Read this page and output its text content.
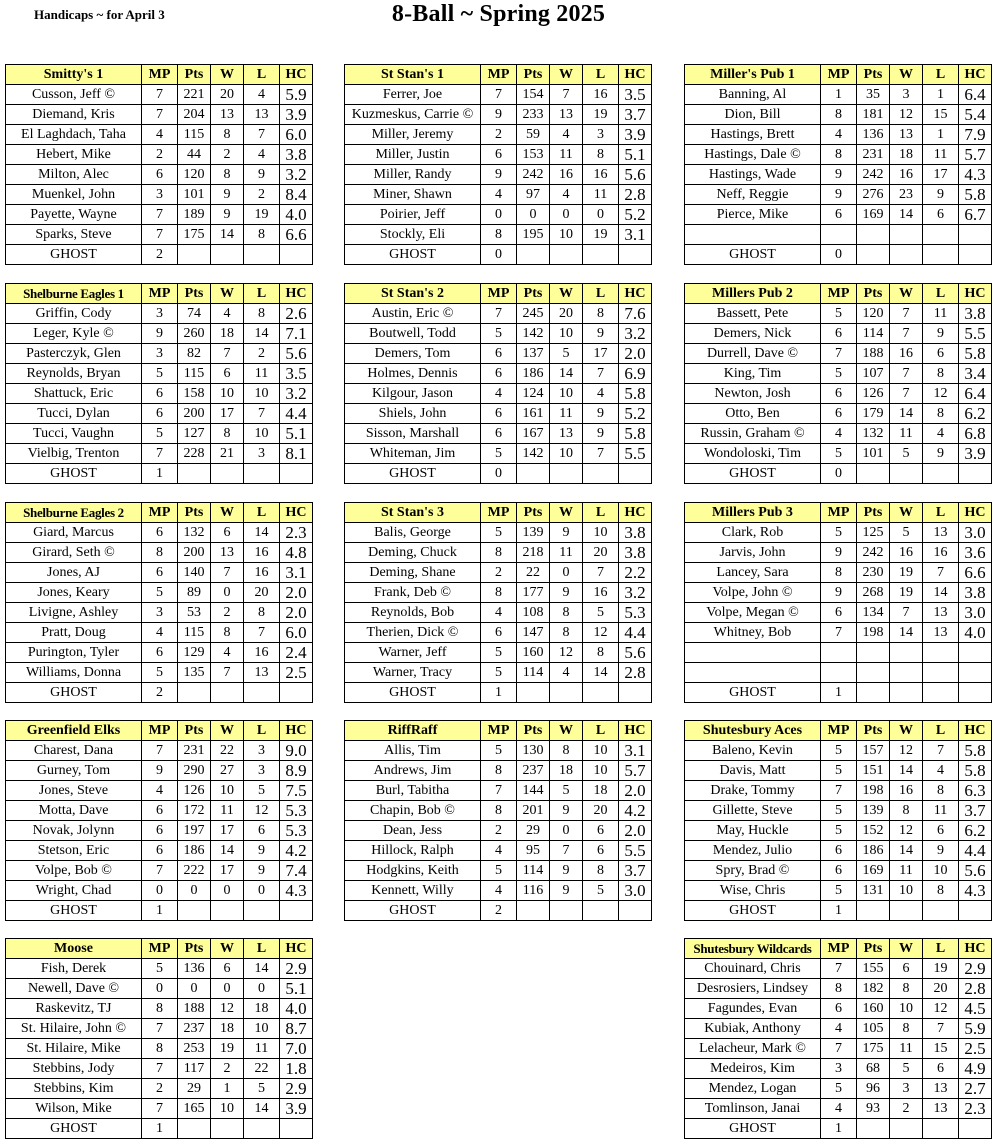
Handicaps ~ for April 3	8-Ball ~ Spring 2025
Smitty's 1	MP	Pts	W	L	HC
Cusson, Jeff ©	7	221	20	4	5.9
Diemand, Kris	7	204	13	13	3.9
El Laghdach, Taha	4	115	8	7	6.0
Hebert, Mike	2	44	2	4	3.8
Milton, Alec	6	120	8	9	3.2
Muenkel, John	3	101	9	2	8.4
Payette, Wayne	7	189	9	19	4.0
Sparks, Steve	7	175	14	8	6.6
GHOST	2				
St Stan's 1	MP	Pts	W	L	HC
Ferrer, Joe	7	154	7	16	3.5
Kuzmeskus, Carrie ©	9	233	13	19	3.7
Miller, Jeremy	2	59	4	3	3.9
Miller, Justin	6	153	11	8	5.1
Miller, Randy	9	242	16	16	5.6
Miner, Shawn	4	97	4	11	2.8
Poirier, Jeff	0	0	0	0	5.2
Stockly, Eli	8	195	10	19	3.1
GHOST	0				
Miller's Pub 1	MP	Pts	W	L	HC
Banning, Al	1	35	3	1	6.4
Dion, Bill	8	181	12	15	5.4
Hastings, Brett	4	136	13	1	7.9
Hastings, Dale ©	8	231	18	11	5.7
Hastings, Wade	9	242	16	17	4.3
Neff, Reggie	9	276	23	9	5.8
Pierce, Mike	6	169	14	6	6.7

GHOST	0				
Shelburne Eagles 1	MP	Pts	W	L	HC
Griffin, Cody	3	74	4	8	2.6
Leger, Kyle ©	9	260	18	14	7.1
Pasterczyk, Glen	3	82	7	2	5.6
Reynolds, Bryan	5	115	6	11	3.5
Shattuck, Eric	6	158	10	10	3.2
Tucci, Dylan	6	200	17	7	4.4
Tucci, Vaughn	5	127	8	10	5.1
Vielbig, Trenton	7	228	21	3	8.1
GHOST	1				
St Stan's 2	MP	Pts	W	L	HC
Austin, Eric ©	7	245	20	8	7.6
Boutwell, Todd	5	142	10	9	3.2
Demers, Tom	6	137	5	17	2.0
Holmes, Dennis	6	186	14	7	6.9
Kilgour, Jason	4	124	10	4	5.8
Shiels, John	6	161	11	9	5.2
Sisson, Marshall	6	167	13	9	5.8
Whiteman, Jim	5	142	10	7	5.5
GHOST	0				
Millers Pub 2	MP	Pts	W	L	HC
Bassett, Pete	5	120	7	11	3.8
Demers, Nick	6	114	7	9	5.5
Durrell, Dave ©	7	188	16	6	5.8
King, Tim	5	107	7	8	3.4
Newton, Josh	6	126	7	12	6.4
Otto, Ben	6	179	14	8	6.2
Russin, Graham ©	4	132	11	4	6.8
Wondoloski, Tim	5	101	5	9	3.9
GHOST	0				
Shelburne Eagles 2	MP	Pts	W	L	HC
Giard, Marcus	6	132	6	14	2.3
Girard, Seth ©	8	200	13	16	4.8
Jones, AJ	6	140	7	16	3.1
Jones, Keary	5	89	0	20	2.0
Livigne, Ashley	3	53	2	8	2.0
Pratt, Doug	4	115	8	7	6.0
Purington, Tyler	6	129	4	16	2.4
Williams, Donna	5	135	7	13	2.5
GHOST	2				
St Stan's 3	MP	Pts	W	L	HC
Balis, George	5	139	9	10	3.8
Deming, Chuck	8	218	11	20	3.8
Deming, Shane	2	22	0	7	2.2
Frank, Deb ©	8	177	9	16	3.2
Reynolds, Bob	4	108	8	5	5.3
Therien, Dick ©	6	147	8	12	4.4
Warner, Jeff	5	160	12	8	5.6
Warner, Tracy	5	114	4	14	2.8
GHOST	1				
Millers Pub 3	MP	Pts	W	L	HC
Clark, Rob	5	125	5	13	3.0
Jarvis, John	9	242	16	16	3.6
Lancey, Sara	8	230	19	7	6.6
Volpe, John ©	9	268	19	14	3.8
Volpe, Megan ©	6	134	7	13	3.0
Whitney, Bob	7	198	14	13	4.0

GHOST	1				
Greenfield Elks	MP	Pts	W	L	HC
Charest, Dana	7	231	22	3	9.0
Gurney, Tom	9	290	27	3	8.9
Jones, Steve	4	126	10	5	7.5
Motta, Dave	6	172	11	12	5.3
Novak, Jolynn	6	197	17	6	5.3
Stetson, Eric	6	186	14	9	4.2
Volpe, Bob ©	7	222	17	9	7.4
Wright, Chad	0	0	0	0	4.3
GHOST	1				
RiffRaff	MP	Pts	W	L	HC
Allis, Tim	5	130	8	10	3.1
Andrews, Jim	8	237	18	10	5.7
Burl, Tabitha	7	144	5	18	2.0
Chapin, Bob ©	8	201	9	20	4.2
Dean, Jess	2	29	0	6	2.0
Hillock, Ralph	4	95	7	6	5.5
Hodgkins, Keith	5	114	9	8	3.7
Kennett, Willy	4	116	9	5	3.0
GHOST	2				
Shutesbury Aces	MP	Pts	W	L	HC
Baleno, Kevin	5	157	12	7	5.8
Davis, Matt	5	151	14	4	5.8
Drake, Tommy	7	198	16	8	6.3
Gillette, Steve	5	139	8	11	3.7
May, Huckle	5	152	12	6	6.2
Mendez, Julio	6	186	14	9	4.4
Spry, Brad ©	6	169	11	10	5.6
Wise, Chris	5	131	10	8	4.3
GHOST	1				
Moose	MP	Pts	W	L	HC
Fish, Derek	5	136	6	14	2.9
Newell, Dave ©	0	0	0	0	5.1
Raskevitz, TJ	8	188	12	18	4.0
St. Hilaire, John ©	7	237	18	10	8.7
St. Hilaire, Mike	8	253	19	11	7.0
Stebbins, Jody	7	117	2	22	1.8
Stebbins, Kim	2	29	1	5	2.9
Wilson, Mike	7	165	10	14	3.9
GHOST	1				
Shutesbury Wildcards	MP	Pts	W	L	HC
Chouinard, Chris	7	155	6	19	2.9
Desrosiers, Lindsey	8	182	8	20	2.8
Fagundes, Evan	6	160	10	12	4.5
Kubiak, Anthony	4	105	8	7	5.9
Lelacheur, Mark ©	7	175	11	15	2.5
Medeiros, Kim	3	68	5	6	4.9
Mendez, Logan	5	96	3	13	2.7
Tomlinson, Janai	4	93	2	13	2.3
GHOST	1				
